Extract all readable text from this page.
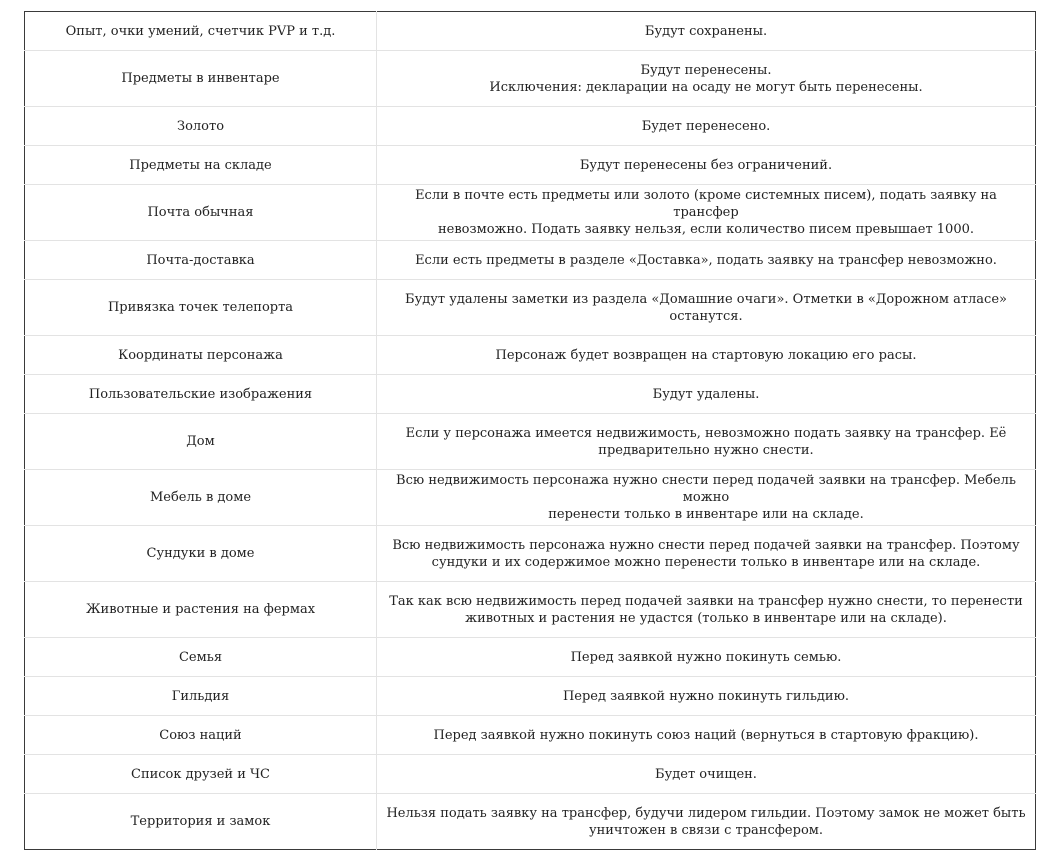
Опыт, очки умений, счетчик PVP и т.д.	Будут сохранены.

Предметы в инвентаре	Будут перенесены.
Исключения: декларации на осаду не могут быть перенесены.

Золото	Будет перенесено.

Предметы на складе	Будут перенесены без ограничений.

Почта обычная	Если в почте есть предметы или золото (кроме системных писем), подать заявку на трансфер
невозможно. Подать заявку нельзя, если количество писем превышает 1000.

Почта-доставка	Если есть предметы в разделе «Доставка», подать заявку на трансфер невозможно.

Привязка точек телепорта	Будут удалены заметки из раздела «Домашние очаги». Отметки в «Дорожном атласе»
останутся.

Координаты персонажа	Персонаж будет возвращен на стартовую локацию его расы.

Пользовательские изображения	Будут удалены.

Дом	Если у персонажа имеется недвижимость, невозможно подать заявку на трансфер. Её
предварительно нужно снести.

Мебель в доме	Всю недвижимость персонажа нужно снести перед подачей заявки на трансфер. Мебель можно
перенести только в инвентаре или на складе.

Сундуки в доме	Всю недвижимость персонажа нужно снести перед подачей заявки на трансфер. Поэтому
сундуки и их содержимое можно перенести только в инвентаре или на складе.

Животные и растения на фермах	Так как всю недвижимость перед подачей заявки на трансфер нужно снести, то перенести
животных и растения не удастся (только в инвентаре или на складе).

Семья	Перед заявкой нужно покинуть семью.

Гильдия	Перед заявкой нужно покинуть гильдию.

Союз наций	Перед заявкой нужно покинуть союз наций (вернуться в стартовую фракцию).

Список друзей и ЧС	Будет очищен.

Территория и замок	Нельзя подать заявку на трансфер, будучи лидером гильдии. Поэтому замок не может быть
уничтожен в связи с трансфером.
